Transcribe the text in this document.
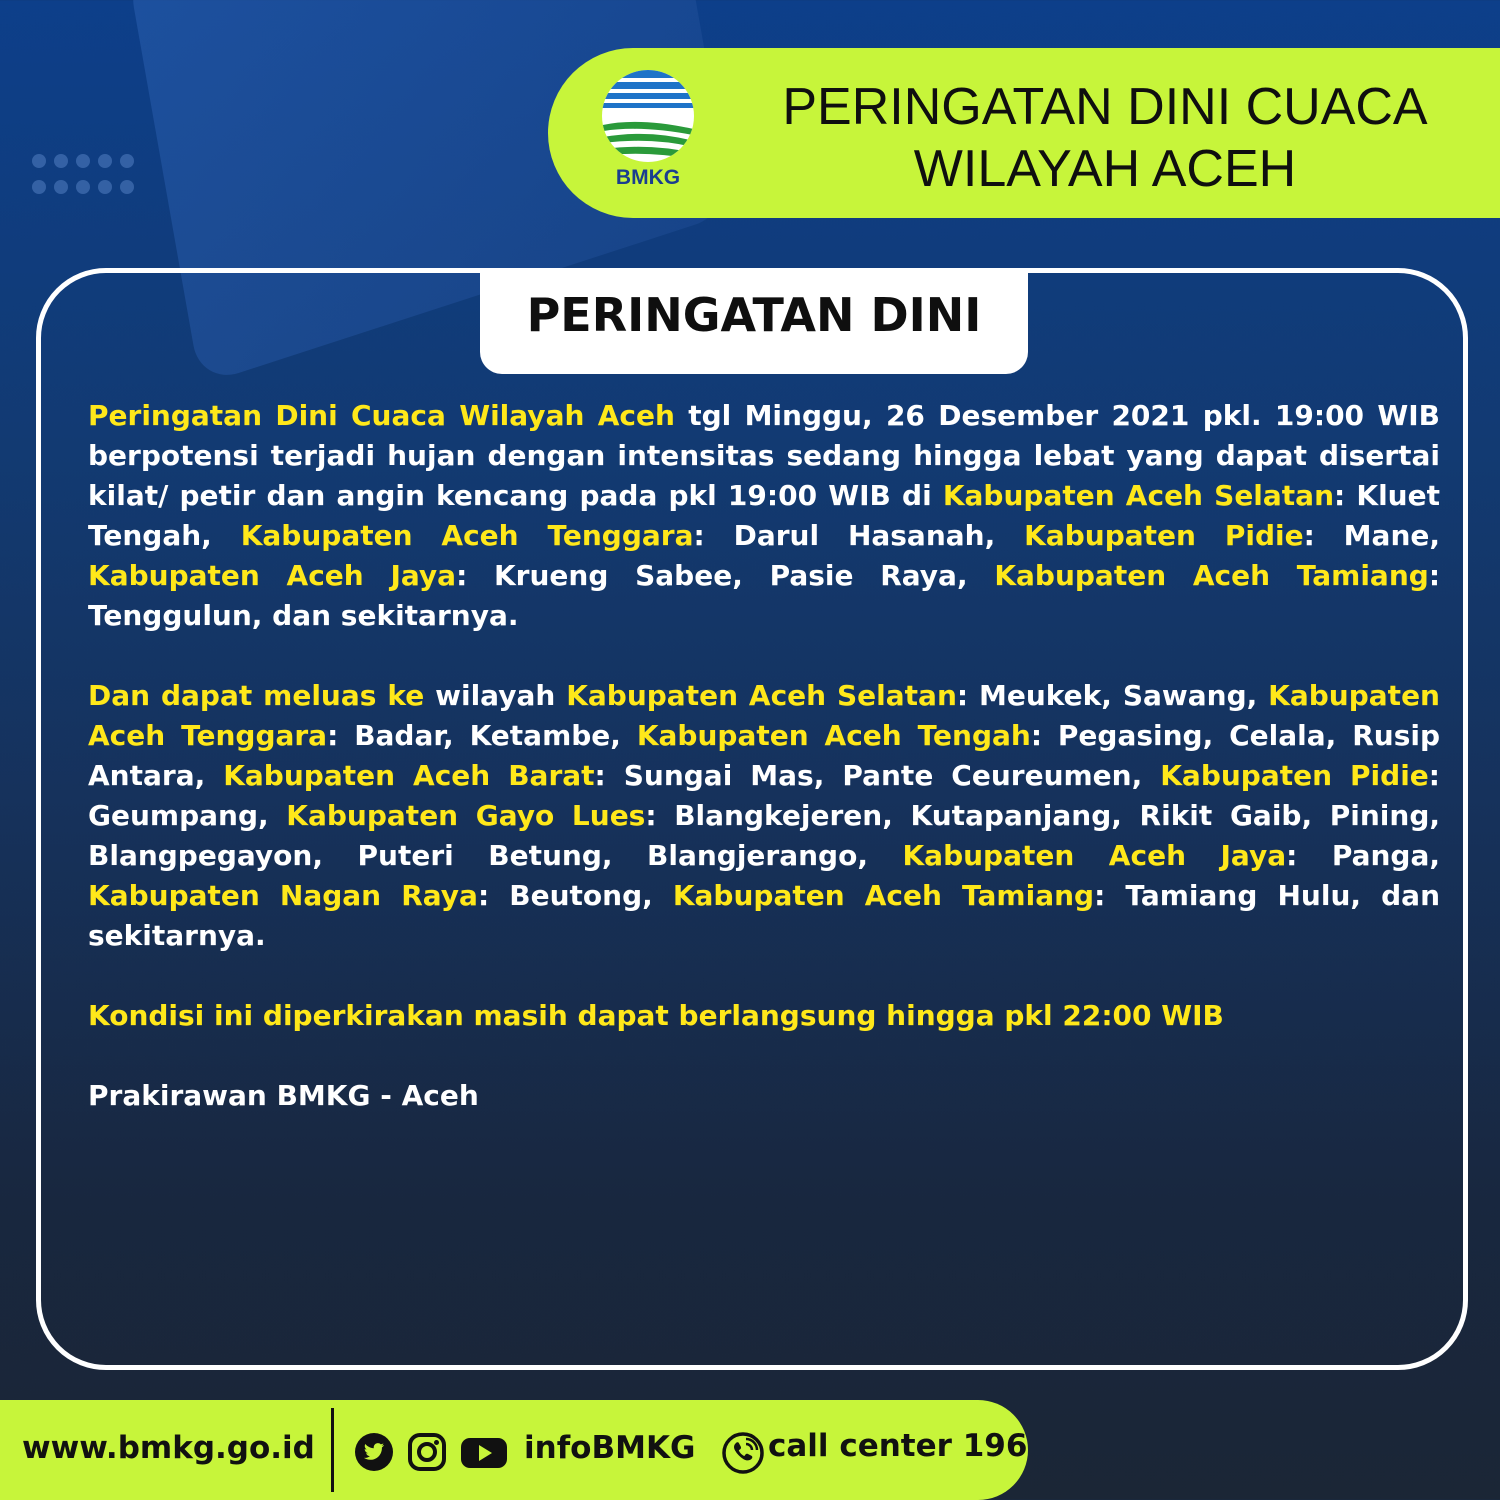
BMKG
PERINGATAN DINI CUACA
WILAYAH ACEH
PERINGATAN DINI

Peringatan Dini Cuaca Wilayah Aceh tgl Minggu, 26 Desember 2021 pkl. 19:00 WIB berpotensi terjadi hujan dengan intensitas sedang hingga lebat yang dapat disertai kilat/ petir dan angin kencang pada pkl 19:00 WIB di Kabupaten Aceh Selatan: Kluet Tengah, Kabupaten Aceh Tenggara: Darul Hasanah, Kabupaten Pidie: Mane, Kabupaten Aceh Jaya: Krueng Sabee, Pasie Raya, Kabupaten Aceh Tamiang: Tenggulun, dan sekitarnya.

Dan dapat meluas ke wilayah Kabupaten Aceh Selatan: Meukek, Sawang, Kabupaten Aceh Tenggara: Badar, Ketambe, Kabupaten Aceh Tengah: Pegasing, Celala, Rusip Antara, Kabupaten Aceh Barat: Sungai Mas, Pante Ceureumen, Kabupaten Pidie: Geumpang, Kabupaten Gayo Lues: Blangkejeren, Kutapanjang, Rikit Gaib, Pining, Blangpegayon, Puteri Betung, Blangjerango, Kabupaten Aceh Jaya: Panga, Kabupaten Nagan Raya: Beutong, Kabupaten Aceh Tamiang: Tamiang Hulu, dan sekitarnya.

Kondisi ini diperkirakan masih dapat berlangsung hingga pkl 22:00 WIB

Prakirawan BMKG - Aceh

www.bmkg.go.id	infoBMKG call center 196
